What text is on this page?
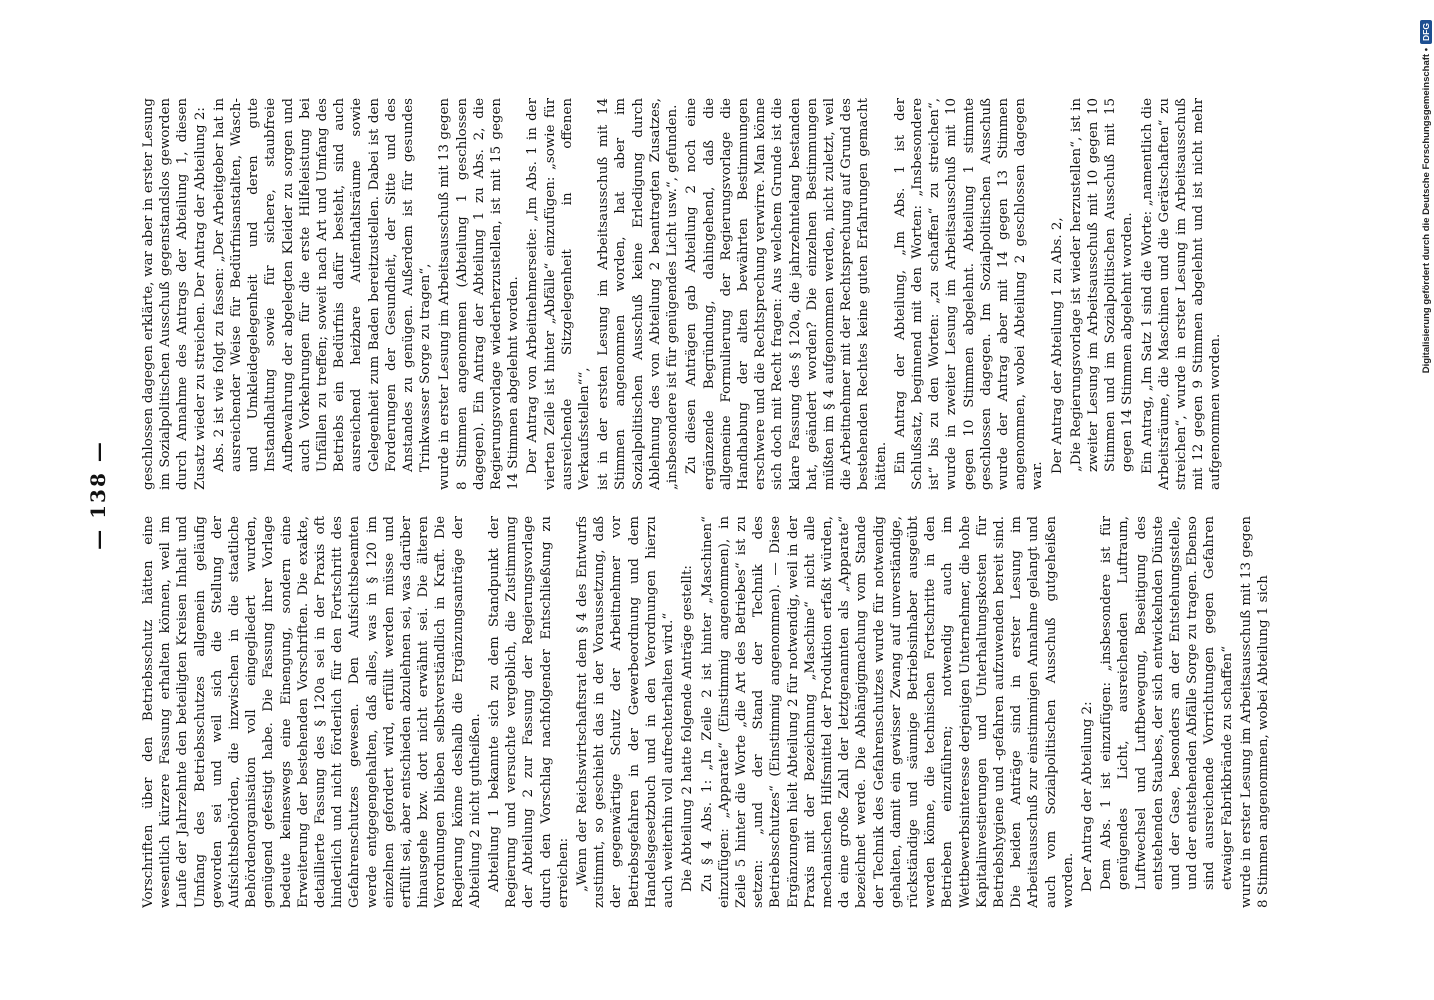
— 138 —

Vorschriften über den Betriebsschutz hätten eine wesentlich kürzere Fassung erhalten können, weil im Laufe der Jahrzehnte den beteiligten Kreisen Inhalt und Umfang des Betriebsschutzes allgemein geläufig geworden sei und weil sich die Stellung der Aufsichtsbehörden, die inzwischen in die staatliche Behördenorganisation voll eingegliedert wurden, genügend gefestigt habe. Die Fassung ihrer Vorlage bedeute keineswegs eine Einengung, sondern eine Erweiterung der bestehenden Vorschriften. Die exakte, detaillierte Fassung des § 120a sei in der Praxis oft hinderlich und nicht förderlich für den Fortschritt des Gefahrenschutzes gewesen. Den Aufsichtsbeamten werde entgegengehalten, daß alles, was in § 120 im einzelnen gefordert wird, erfüllt werden müsse und erfüllt sei, aber entschieden abzulehnen sei, was darüber hinausgehe bzw. dort nicht erwähnt sei. Die älteren Verordnungen blieben selbstverständlich in Kraft. Die Regierung könne deshalb die Ergänzungsanträge der Abteilung 2 nicht gutheißen. Abteilung 1 bekannte sich zu dem Standpunkt der Regierung und versuchte vergeblich, die Zustimmung der Abteilung 2 zur Fassung der Regierungsvorlage durch den Vorschlag nachfolgender Entschließung zu erreichen: „Wenn der Reichswirtschaftsrat dem § 4 des Entwurfs zustimmt, so geschieht das in der Voraussetzung, daß der gegenwärtige Schutz der Arbeitnehmer vor Betriebsgefahren in der Gewerbeordnung und dem Handelsgesetzbuch und in den Verordnungen hierzu auch weiterhin voll aufrechterhalten wird.“ Die Abteilung 2 hatte folgende Anträge gestellt: Zu § 4 Abs. 1: „In Zeile 2 ist hinter „Maschinen“ einzufügen: „Apparate“ (Einstimmig angenommen), in Zeile 5 hinter die Worte „die Art des Betriebes“ ist zu setzen: „und der Stand der Technik des Betriebsschutzes“ (Einstimmig angenommen). — Diese Ergänzungen hielt Abteilung 2 für notwendig, weil in der Praxis mit der Bezeichnung „Maschine“ nicht alle mechanischen Hilfsmittel der Produktion erfaßt würden, da eine große Zahl der letztgenannten als „Apparate“ bezeichnet werde. Die Abhängigmachung vom Stande der Technik des Gefahrenschutzes wurde für notwendig gehalten, damit ein gewisser Zwang auf unverständige, rückständige und säumige Betriebsinhaber ausgeübt werden könne, die technischen Fortschritte in den Betrieben einzuführen; notwendig auch im Wettbewerbsinteresse derjenigen Unternehmer, die hohe Kapitalinvestierungen und Unterhaltungskosten für Betriebshygiene und -gefahren aufzuwenden bereit sind. Die beiden Anträge sind in erster Lesung im Arbeitsausschuß zur einstimmigen Annahme gelangt und auch vom Sozialpolitischen Ausschuß gutgeheißen worden. Der Antrag der Abteilung 2: Dem Abs. 1 ist einzufügen: „insbesondere ist für genügendes Licht, ausreichenden Luftraum, Luftwechsel und Luftbewegung, Beseitigung des entstehenden Staubes, der sich entwickelnden Dünste und der Gase, besonders an der Entstehungsstelle, und der entstehenden Abfälle Sorge zu tragen. Ebenso sind ausreichende Vorrichtungen gegen Gefahren etwaiger Fabrikbrände zu schaffen“ wurde in erster Lesung im Arbeitsausschuß mit 13 gegen 8 Stimmen angenommen, wobei Abteilung 1 sich

geschlossen dagegen erklärte, war aber in erster Lesung im Sozialpolitischen Ausschuß gegenstandslos geworden durch Annahme des Antrags der Abteilung 1, diesen Zusatz wieder zu streichen. Der Antrag der Abteilung 2: Abs. 2 ist wie folgt zu fassen: „Der Arbeitgeber hat in ausreichender Weise für Bedürfnisanstalten, Wasch- und Umkleidegelegenheit und deren gute Instandhaltung sowie für sichere, staubfreie Aufbewahrung der abgelegten Kleider zu sorgen und auch Vorkehrungen für die erste Hilfeleistung bei Unfällen zu treffen; soweit nach Art und Umfang des Betriebs ein Bedürfnis dafür besteht, sind auch ausreichend heizbare Aufenthaltsräume sowie Gelegenheit zum Baden bereitzustellen. Dabei ist den Forderungen der Gesundheit, der Sitte und des Anstandes zu genügen. Außerdem ist für gesundes Trinkwasser Sorge zu tragen“, wurde in erster Lesung im Arbeitsausschuß mit 13 gegen 8 Stimmen angenommen (Abteilung 1 geschlossen dagegen). Ein Antrag der Abteilung 1 zu Abs. 2, die Regierungsvorlage wiederherzustellen, ist mit 15 gegen 14 Stimmen abgelehnt worden. Der Antrag von Arbeitnehmerseite: „Im Abs. 1 in der vierten Zeile ist hinter „Abfälle“ einzufügen: „sowie für ausreichende Sitzgelegenheit in offenen Verkaufsstellen““, ist in der ersten Lesung im Arbeitsausschuß mit 14 Stimmen angenommen worden, hat aber im Sozialpolitischen Ausschuß keine Erledigung durch Ablehnung des von Abteilung 2 beantragten Zusatzes, „insbesondere ist für genügendes Licht usw.“, gefunden. Zu diesen Anträgen gab Abteilung 2 noch eine ergänzende Begründung, dahingehend, daß die allgemeine Formulierung der Regierungsvorlage die Handhabung der alten bewährten Bestimmungen erschwere und die Rechtsprechung verwirre. Man könne sich doch mit Recht fragen: Aus welchem Grunde ist die klare Fassung des § 120a, die jahrzehntelang bestanden hat, geändert worden? Die einzelnen Bestimmungen müßten im § 4 aufgenommen werden, nicht zuletzt, weil die Arbeitnehmer mit der Rechtsprechung auf Grund des bestehenden Rechtes keine guten Erfahrungen gemacht hätten. Ein Antrag der Abteilung, „Im Abs. 1 ist der Schlußsatz, beginnend mit den Worten: „Insbesondere ist“ bis zu den Worten: „zu schaffen“ zu streichen“, wurde in zweiter Lesung im Arbeitsausschuß mit 10 gegen 10 Stimmen abgelehnt. Abteilung 1 stimmte geschlossen dagegen. Im Sozialpolitischen Ausschuß wurde der Antrag aber mit 14 gegen 13 Stimmen angenommen, wobei Abteilung 2 geschlossen dagegen war.

Der Antrag der Abteilung 1 zu Abs. 2, „Die Regierungsvorlage ist wieder herzustellen“, ist in zweiter Lesung im Arbeitsausschuß mit 10 gegen 10 Stimmen und im Sozialpolitischen Ausschuß mit 15 gegen 14 Stimmen abgelehnt worden. Ein Antrag, „Im Satz 1 sind die Worte: „namentlich die Arbeitsräume, die Maschinen und die Gerätschaften“ zu streichen“, wurde in erster Lesung im Arbeitsausschuß mit 12 gegen 9 Stimmen abgelehnt und ist nicht mehr aufgenommen worden.

Digitalisierung gefördert durch die Deutsche Forschungsgemeinschaft •
DFG
